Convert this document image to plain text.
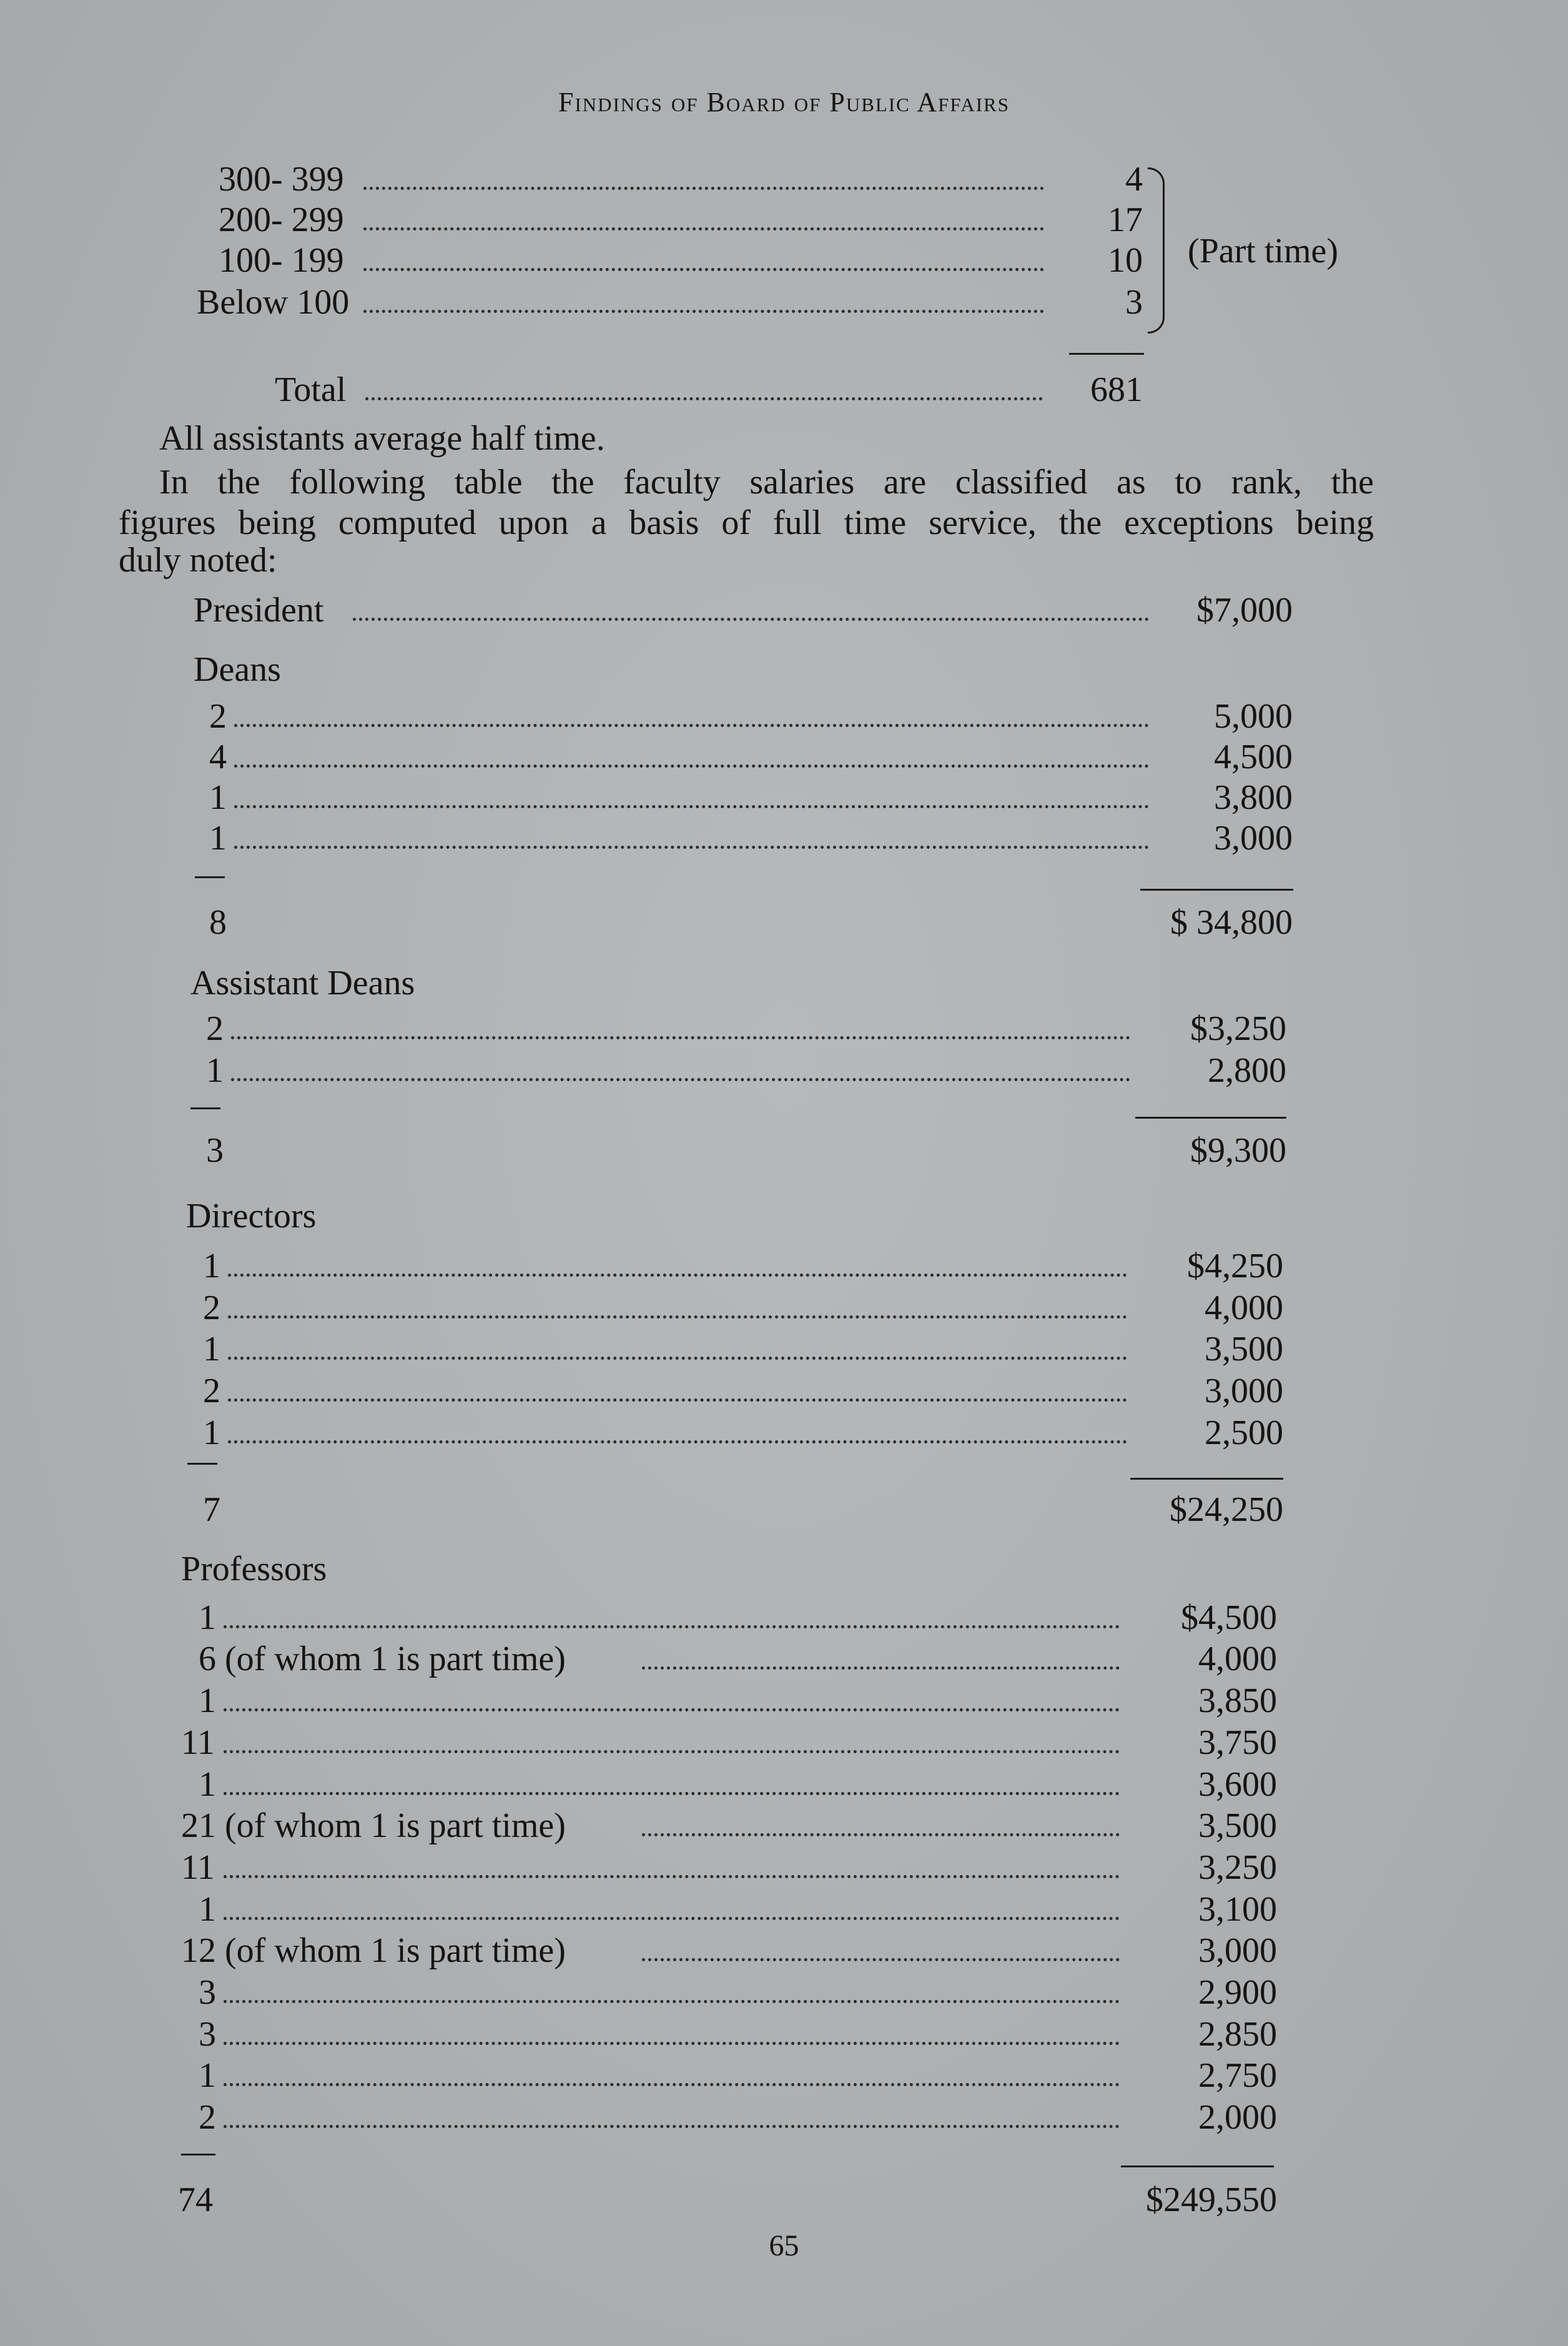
Findings of Board of Public Affairs
300- 399	4
200- 299	17
100- 199	10
Below 100	3
(Part time)
Total	681
All assistants average half time.
In the following table the faculty salaries are classified as to rank, the
figures being computed upon a basis of full time service, the exceptions being
duly noted:
President	$7,000
Deans
2	5,000
4	4,500
1	3,800
1	3,000
8	$ 34,800
Assistant Deans
2	$3,250
1	2,800
3	$9,300
Directors
1	$4,250
2	4,000
1	3,500
2	3,000
1	2,500
7	$24,250
Professors
1	$4,500
6 (of whom 1 is part time)	4,000
1	3,850
11	3,750
1	3,600
21 (of whom 1 is part time)	3,500
11	3,250
1	3,100
12 (of whom 1 is part time)	3,000
3	2,900
3	2,850
1	2,750
2	2,000
74	$249,550
65
